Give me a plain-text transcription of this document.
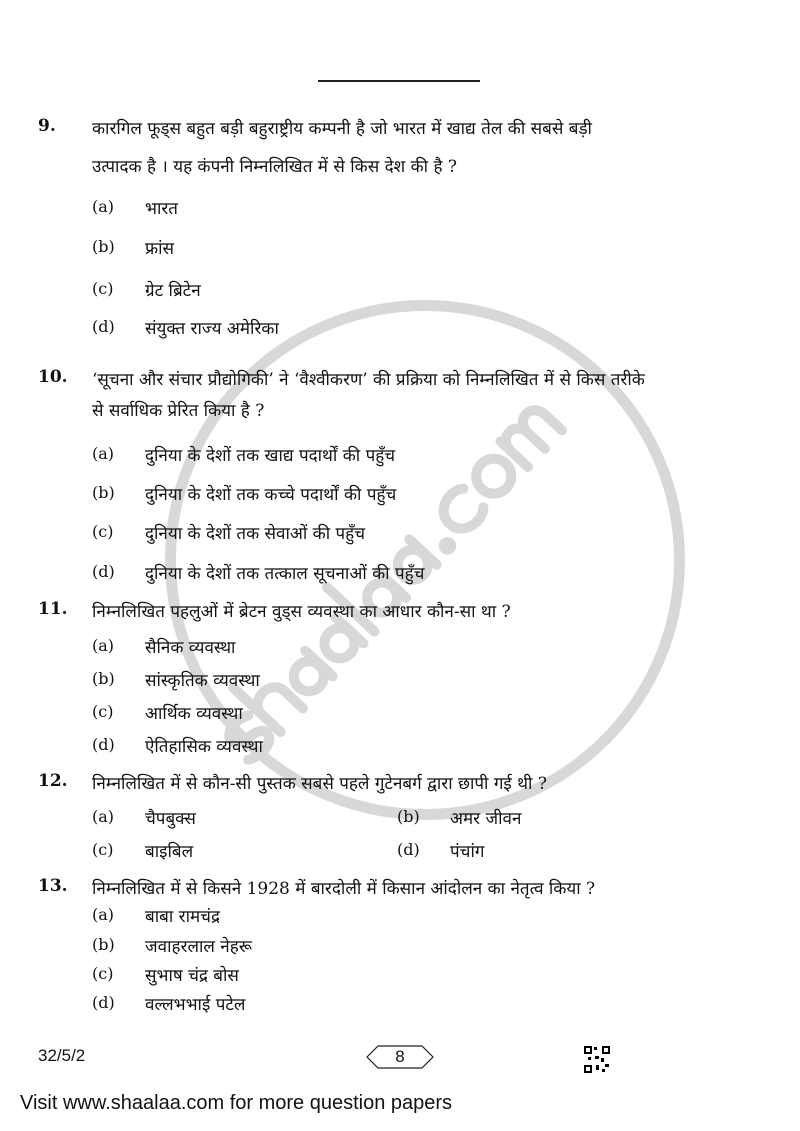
9. कारगिल फूड्स बहुत बड़ी बहुराष्ट्रीय कम्पनी है जो भारत में खाद्य तेल की सबसे बड़ी
उत्पादक है । यह कंपनी निम्नलिखित में से किस देश की है ?
(a) भारत
(b) फ्रांस
(c) ग्रेट ब्रिटेन
(d) संयुक्त राज्य अमेरिका
10. ‘सूचना और संचार प्रौद्योगिकी’ ने ‘वैश्वीकरण’ की प्रक्रिया को निम्नलिखित में से किस तरीके
से सर्वाधिक प्रेरित किया है ?
(a) दुनिया के देशों तक खाद्य पदार्थों की पहुँच
(b) दुनिया के देशों तक कच्चे पदार्थों की पहुँच
(c) दुनिया के देशों तक सेवाओं की पहुँच
(d) दुनिया के देशों तक तत्काल सूचनाओं की पहुँच
11. निम्नलिखित पहलुओं में ब्रेटन वुड्स व्यवस्था का आधार कौन-सा था ?
(a) सैनिक व्यवस्था
(b) सांस्कृतिक व्यवस्था
(c) आर्थिक व्यवस्था
(d) ऐतिहासिक व्यवस्था
12. निम्नलिखित में से कौन-सी पुस्तक सबसे पहले गुटेनबर्ग द्वारा छापी गई थी ?
(a) चैपबुक्स	(b) अमर जीवन
(c) बाइबिल	(d) पंचांग
13. निम्नलिखित में से किसने 1928 में बारदोली में किसान आंदोलन का नेतृत्व किया ?
(a) बाबा रामचंद्र
(b) जवाहरलाल नेहरू
(c) सुभाष चंद्र बोस
(d) वल्लभभाई पटेल
32/5/2	8
Visit www.shaalaa.com for more question papers
